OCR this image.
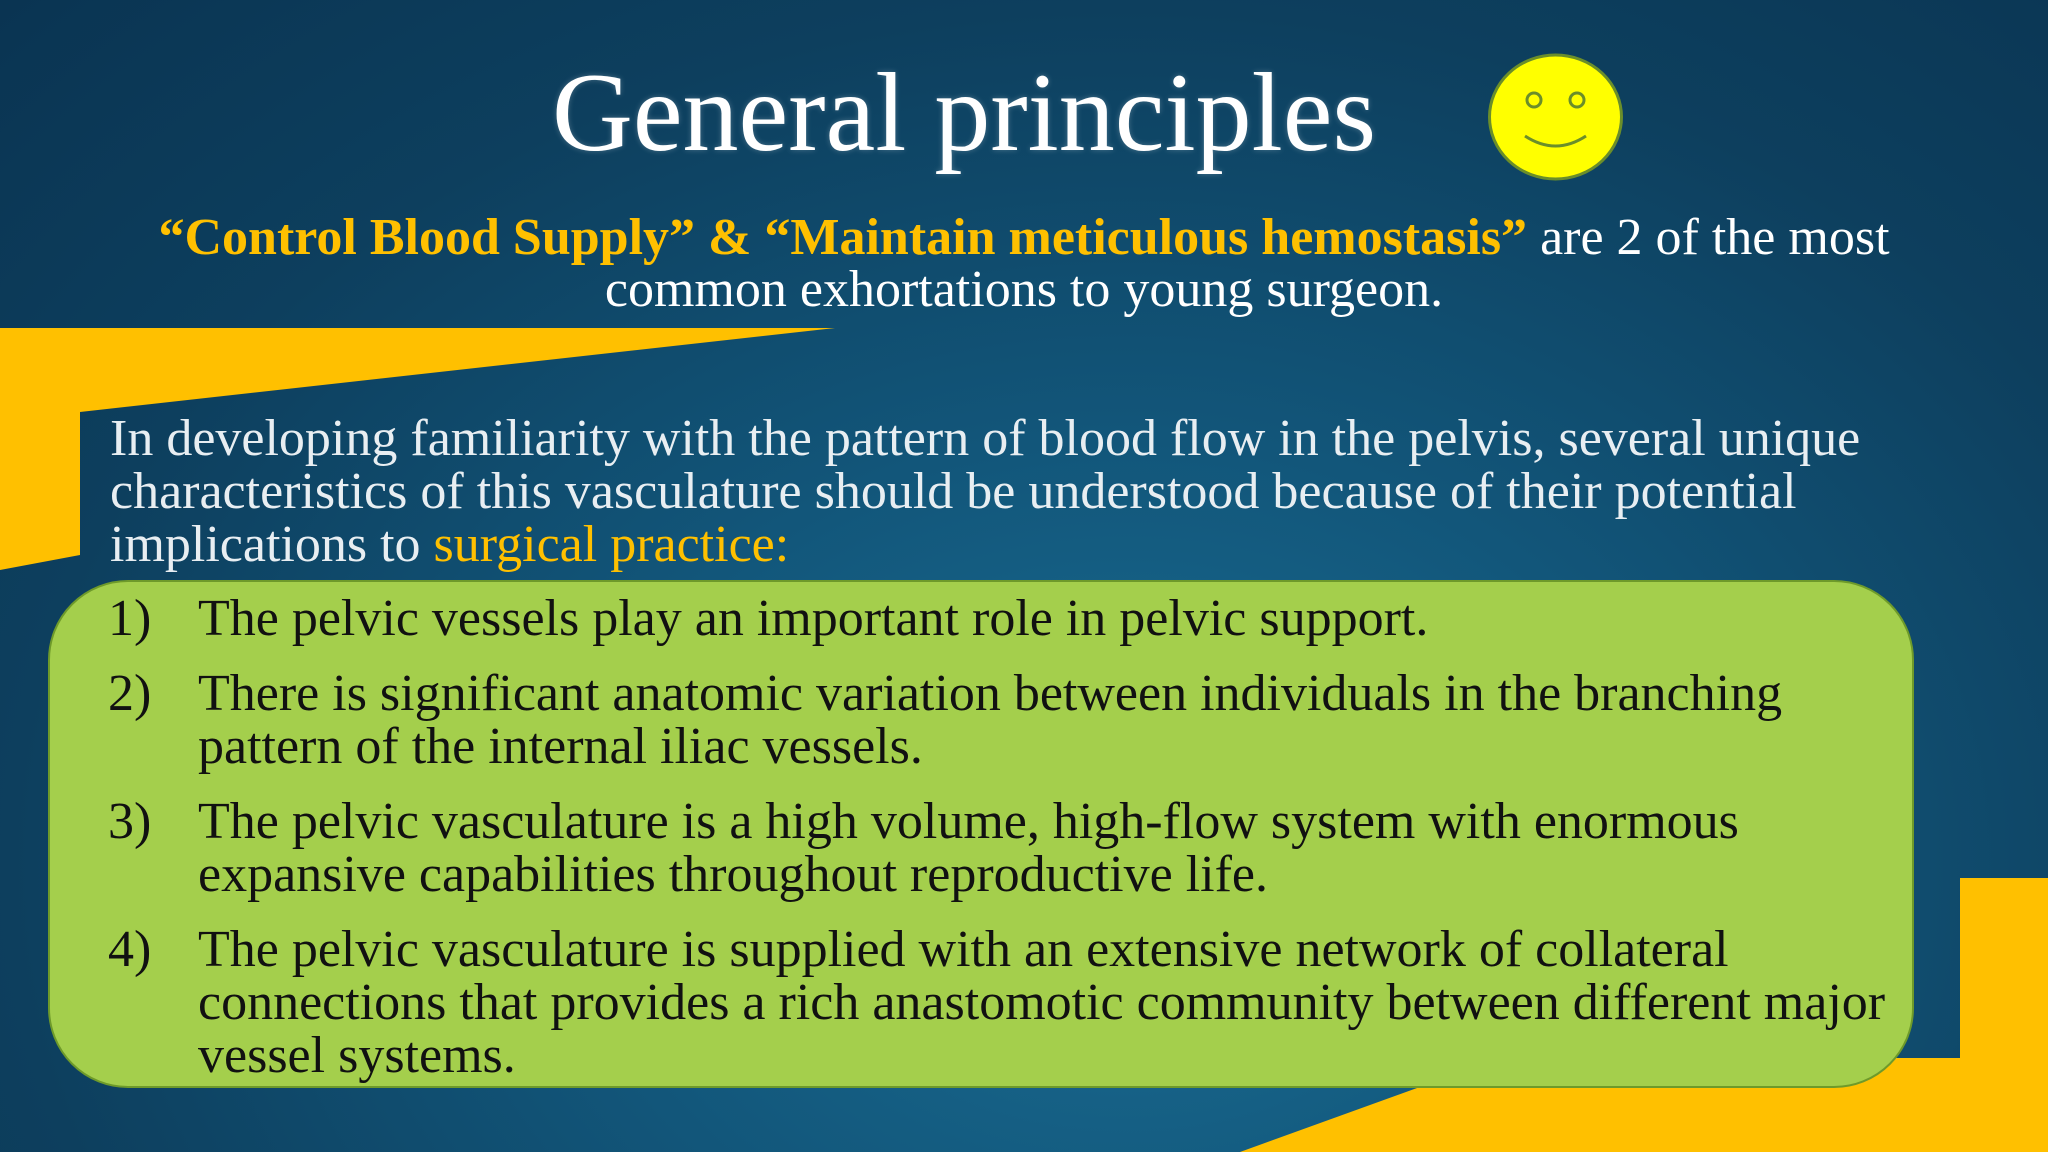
General principles
“Control Blood Supply” & “Maintain meticulous hemostasis” are 2 of the most common exhortations to young surgeon.
In developing familiarity with the pattern of blood flow in the pelvis, several unique characteristics of this vasculature should be understood because of their potential implications to surgical practice:
1) The pelvic vessels play an important role in pelvic support.
2) There is significant anatomic variation between individuals in the branching pattern of the internal iliac vessels.
3) The pelvic vasculature is a high volume, high-flow system with enormous expansive capabilities throughout reproductive life.
4) The pelvic vasculature is supplied with an extensive network of collateral connections that provides a rich anastomotic community between different major vessel systems.
